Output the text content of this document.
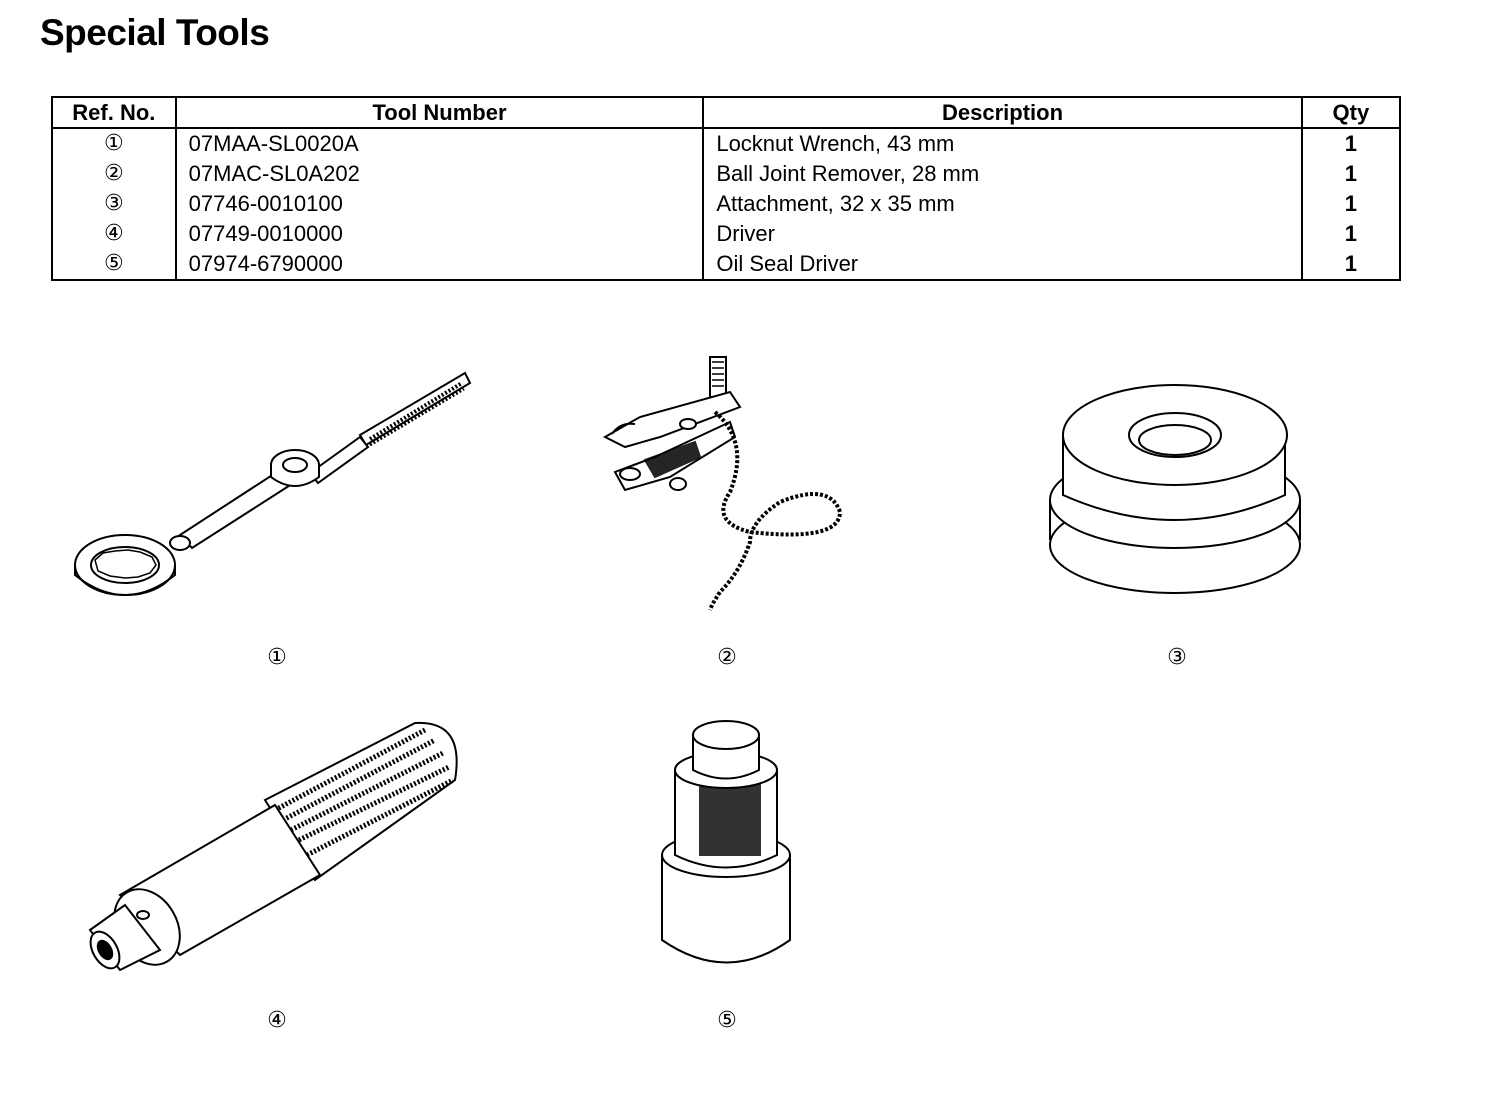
Special Tools
Ref. No.	Tool Number	Description	Qty
①	07MAA-SL0020A	Locknut Wrench, 43 mm	1
②	07MAC-SL0A202	Ball Joint Remover, 28 mm	1
③	07746-0010100	Attachment, 32 x 35 mm	1
④	07749-0010000	Driver	1
⑤	07974-6790000	Oil Seal Driver	1
①	②	③
④	⑤
